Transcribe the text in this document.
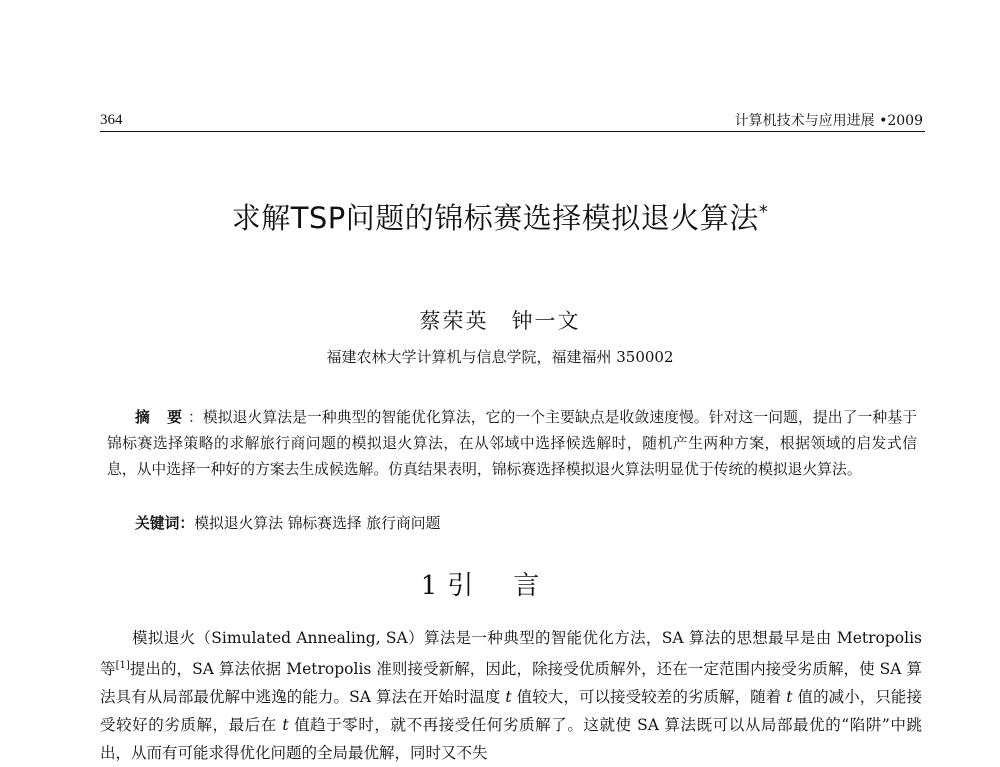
364	计算机技术与应用进展 •2009
求解TSP问题的锦标赛选择模拟退火算法*
蔡荣英　钟一文
福建农林大学计算机与信息学院，福建福州 350002
摘 要：模拟退火算法是一种典型的智能优化算法，它的一个主要缺点是收敛速度慢。针对这一问题，提出了一种基于锦标赛选择策略的求解旅行商问题的模拟退火算法，在从邻域中选择候选解时，随机产生两种方案，根据领域的启发式信息，从中选择一种好的方案去生成候选解。仿真结果表明，锦标赛选择模拟退火算法明显优于传统的模拟退火算法。
关键词：模拟退火算法 锦标赛选择 旅行商问题
1 引言
模拟退火（Simulated Annealing, SA）算法是一种典型的智能优化方法，SA 算法的思想最早是由 Metropolis 等[1]提出的，SA 算法依据 Metropolis 准则接受新解，因此，除接受优质解外，还在一定范围内接受劣质解，使 SA 算法具有从局部最优解中逃逸的能力。SA 算法在开始时温度 t 值较大，可以接受较差的劣质解，随着 t 值的减小，只能接受较好的劣质解，最后在 t 值趋于零时，就不再接受任何劣质解了。这就使 SA 算法既可以从局部最优的“陷阱”中跳出，从而有可能求得优化问题的全局最优解，同时又不失
